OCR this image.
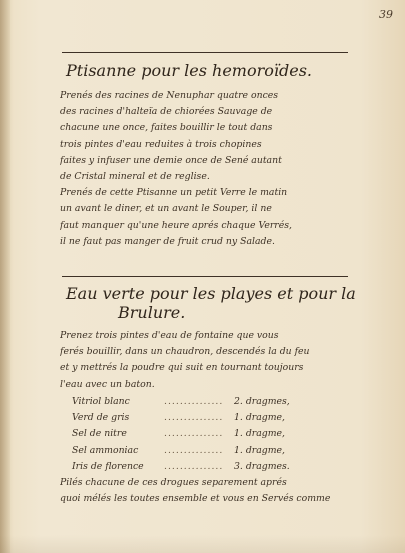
39
Ptisanne pour les hemoroïdes.
Prenés des racines de Nenuphar quatre onces
des racines d'halteïa de chiorées Sauvage de
chacune une once, faites bouillir le tout dans
trois pintes d'eau reduites à trois chopines
faites y infuser une demie once de Sené autant
de Cristal mineral et de reglise.
Prenés de cette Ptisanne un petit Verre le matin
un avant le diner, et un avant le Souper, il ne
faut manquer qu'une heure aprés chaque Verrés,
il ne faut pas manger de fruit crud ny Salade.
Eau verte pour les playes et pour la
Brulure.
Prenez trois pintes d'eau de fontaine que vous
ferés bouillir, dans un chaudron, descendés la du feu
et y mettrés la poudre qui suit en tournant toujours
l'eau avec un baton.
Vitriol blanc	...............	2. dragmes,
Verd de gris	...............	1. dragme,
Sel de nitre	...............	1. dragme,
Sel ammoniac	...............	1. dragme,
Iris de florence	...............	3. dragmes.
Pilés chacune de ces drogues separement aprés
quoi mélés les toutes ensemble et vous en Servés comme
